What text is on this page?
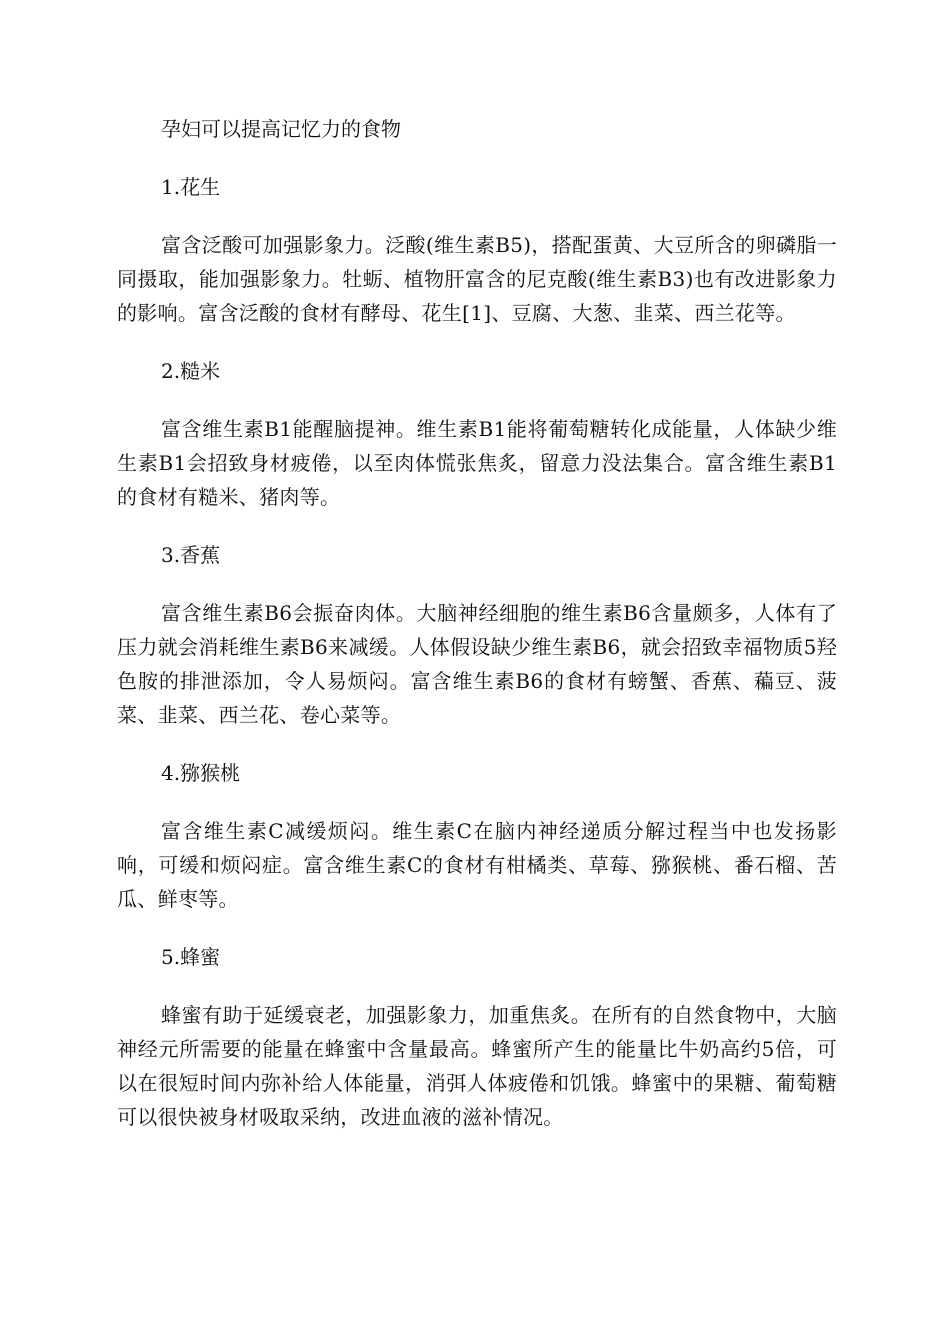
孕妇可以提高记忆力的食物

1.花生

富含泛酸可加强影象力。泛酸(维生素B5)，搭配蛋黄、大豆所含的卵磷脂一同摄取，能加强影象力。牡蛎、植物肝富含的尼克酸(维生素B3)也有改进影象力的影响。富含泛酸的食材有酵母、花生[1]、豆腐、大葱、韭菜、西兰花等。

2.糙米

富含维生素B1能醒脑提神。维生素B1能将葡萄糖转化成能量，人体缺少维生素B1会招致身材疲倦，以至肉体慌张焦炙，留意力没法集合。富含维生素B1的食材有糙米、猪肉等。

3.香蕉

富含维生素B6会振奋肉体。大脑神经细胞的维生素B6含量颇多，人体有了压力就会消耗维生素B6来减缓。人体假设缺少维生素B6，就会招致幸福物质5羟色胺的排泄添加，令人易烦闷。富含维生素B6的食材有螃蟹、香蕉、藊豆、菠菜、韭菜、西兰花、卷心菜等。

4.猕猴桃

富含维生素C减缓烦闷。维生素C在脑内神经递质分解过程当中也发扬影响，可缓和烦闷症。富含维生素C的食材有柑橘类、草莓、猕猴桃、番石榴、苦瓜、鲜枣等。

5.蜂蜜

蜂蜜有助于延缓衰老，加强影象力，加重焦炙。在所有的自然食物中，大脑神经元所需要的能量在蜂蜜中含量最高。蜂蜜所产生的能量比牛奶高约5倍，可以在很短时间内弥补给人体能量，消弭人体疲倦和饥饿。蜂蜜中的果糖、葡萄糖可以很快被身材吸取采纳，改进血液的滋补情况。
